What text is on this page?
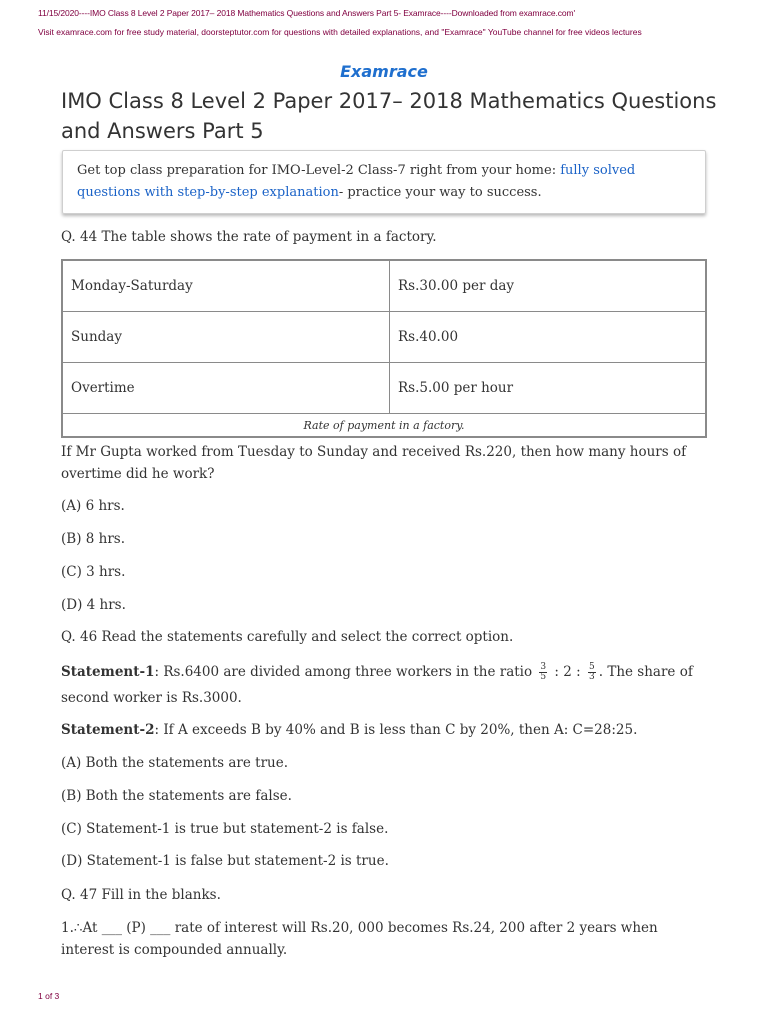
11/15/2020----IMO Class 8 Level 2 Paper 2017– 2018 Mathematics Questions and Answers Part 5- Examrace----Downloaded from examrace.com'
Visit examrace.com for free study material, doorsteptutor.com for questions with detailed explanations, and "Examrace" YouTube channel for free videos lectures
Examrace
IMO Class 8 Level 2 Paper 2017– 2018 Mathematics Questions and Answers Part 5
Get top class preparation for IMO-Level-2 Class-7 right from your home: fully solved questions with step-by-step explanation- practice your way to success.
Q. 44 The table shows the rate of payment in a factory.
Monday-Saturday	Rs.30.00 per day
Sunday	Rs.40.00
Overtime	Rs.5.00 per hour
Rate of payment in a factory.	
If Mr Gupta worked from Tuesday to Sunday and received Rs.220, then how many hours of overtime did he work?
(A) 6 hrs.
(B) 8 hrs.
(C) 3 hrs.
(D) 4 hrs.
Q. 46 Read the statements carefully and select the correct option.
Statement-1: Rs.6400 are divided among three workers in the ratio $\frac{3}{5}$ : 2 : $\frac{5}{3}$ . The share of second worker is Rs.3000.
Statement-2: If A exceeds B by 40% and B is less than C by 20%, then A: C=28:25.
(A) Both the statements are true.
(B) Both the statements are false.
(C) Statement-1 is true but statement-2 is false.
(D) Statement-1 is false but statement-2 is true.
Q. 47 Fill in the blanks.
1.∴At ___ (P) ___ rate of interest will Rs.20, 000 becomes Rs.24, 200 after 2 years when interest is compounded annually.
1 of 3
